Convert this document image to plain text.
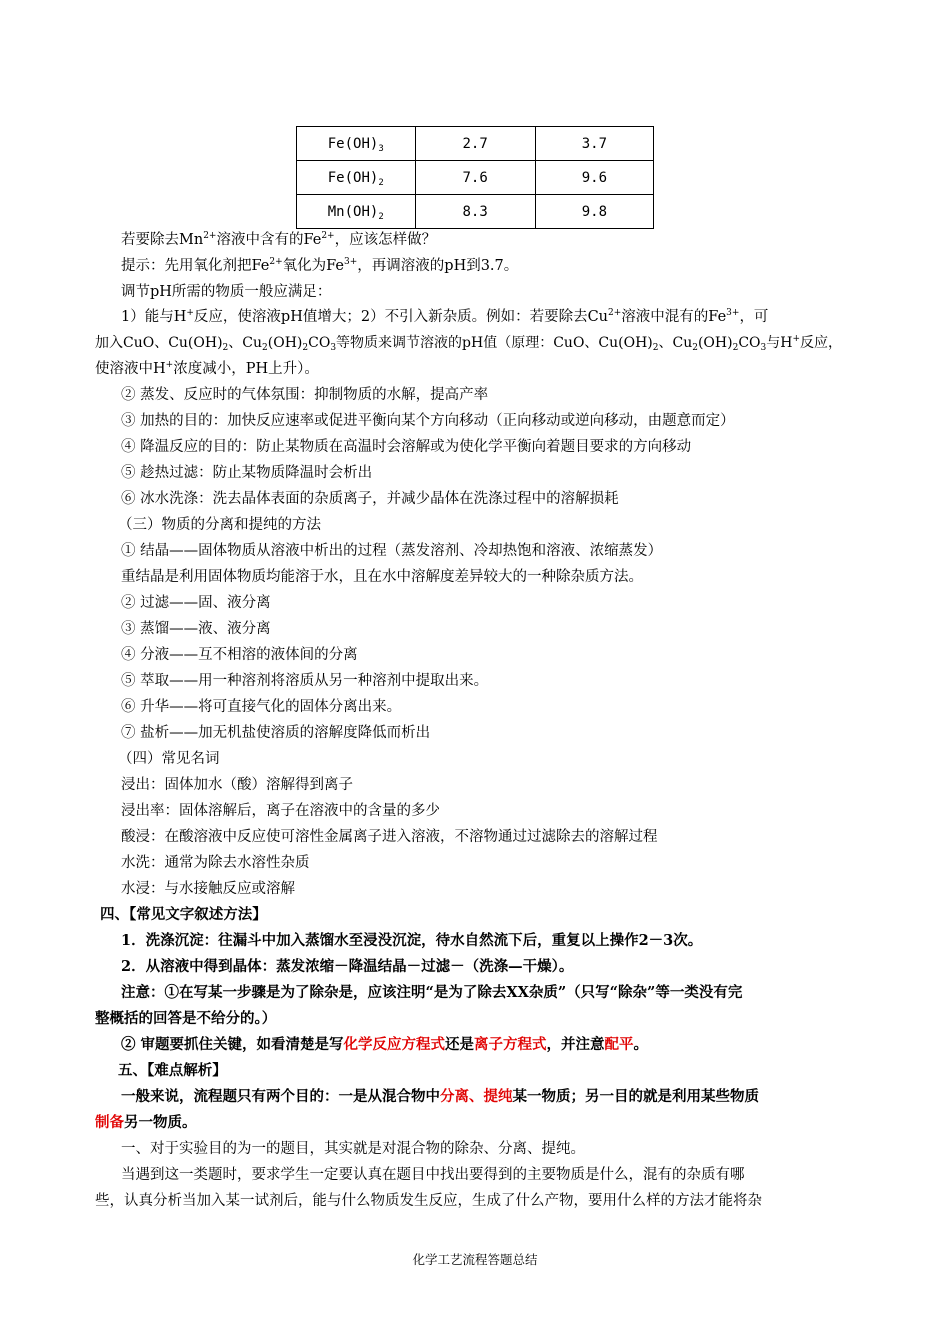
$Fe(OH)_3$	2.7	3.7
$Fe(OH)_2$	7.6	9.6
$Mn(OH)_2$	8.3	9.8
若要除去$Mn^{2+}$溶液中含有的$Fe^{2+}$，应该怎样做？
提示：先用氧化剂把$Fe^{2+}$氧化为$Fe^{3+}$，再调溶液的pH到3.7。
调节pH所需的物质一般应满足：
1）能与H+反应，使溶液pH值增大；2）不引入新杂质。例如：若要除去$Cu^{2+}$溶液中混有的$Fe^{3+}$，可
加入CuO、$Cu(OH)_2$、$Cu_2(OH)_2CO_3$等物质来调节溶液的pH值（原理：CuO、$Cu(OH)_2$、$Cu_2(OH)_2CO_3$与H+反应，
使溶液中H+浓度减小，PH上升）。
② 蒸发、反应时的气体氛围：抑制物质的水解，提高产率
③ 加热的目的：加快反应速率或促进平衡向某个方向移动（正向移动或逆向移动，由题意而定）
④ 降温反应的目的：防止某物质在高温时会溶解或为使化学平衡向着题目要求的方向移动
⑤ 趁热过滤：防止某物质降温时会析出
⑥ 冰水洗涤：洗去晶体表面的杂质离子，并减少晶体在洗涤过程中的溶解损耗
（三）物质的分离和提纯的方法
① 结晶——固体物质从溶液中析出的过程（蒸发溶剂、冷却热饱和溶液、浓缩蒸发）
重结晶是利用固体物质均能溶于水，且在水中溶解度差异较大的一种除杂质方法。
② 过滤——固、液分离
③ 蒸馏——液、液分离
④ 分液——互不相溶的液体间的分离
⑤ 萃取——用一种溶剂将溶质从另一种溶剂中提取出来。
⑥ 升华——将可直接气化的固体分离出来。
⑦ 盐析——加无机盐使溶质的溶解度降低而析出
（四）常见名词
浸出：固体加水（酸）溶解得到离子
浸出率：固体溶解后，离子在溶液中的含量的多少
酸浸：在酸溶液中反应使可溶性金属离子进入溶液，不溶物通过过滤除去的溶解过程
水洗：通常为除去水溶性杂质
水浸：与水接触反应或溶解
四、【常见文字叙述方法】
1．洗涤沉淀：往漏斗中加入蒸馏水至浸没沉淀，待水自然流下后，重复以上操作2－3次。
2．从溶液中得到晶体：蒸发浓缩－降温结晶－过滤－（洗涤—干燥）。
注意：①在写某一步骤是为了除杂是，应该注明“是为了除去XX杂质”（只写“除杂”等一类没有完
整概括的回答是不给分的。）
② 审题要抓住关键，如看清楚是写化学反应方程式还是离子方程式，并注意配平。
五、【难点解析】
一般来说，流程题只有两个目的：一是从混合物中分离、提纯某一物质；另一目的就是利用某些物质
制备另一物质。
一、对于实验目的为一的题目，其实就是对混合物的除杂、分离、提纯。
当遇到这一类题时，要求学生一定要认真在题目中找出要得到的主要物质是什么，混有的杂质有哪
些，认真分析当加入某一试剂后，能与什么物质发生反应，生成了什么产物，要用什么样的方法才能将杂
化学工艺流程答题总结
